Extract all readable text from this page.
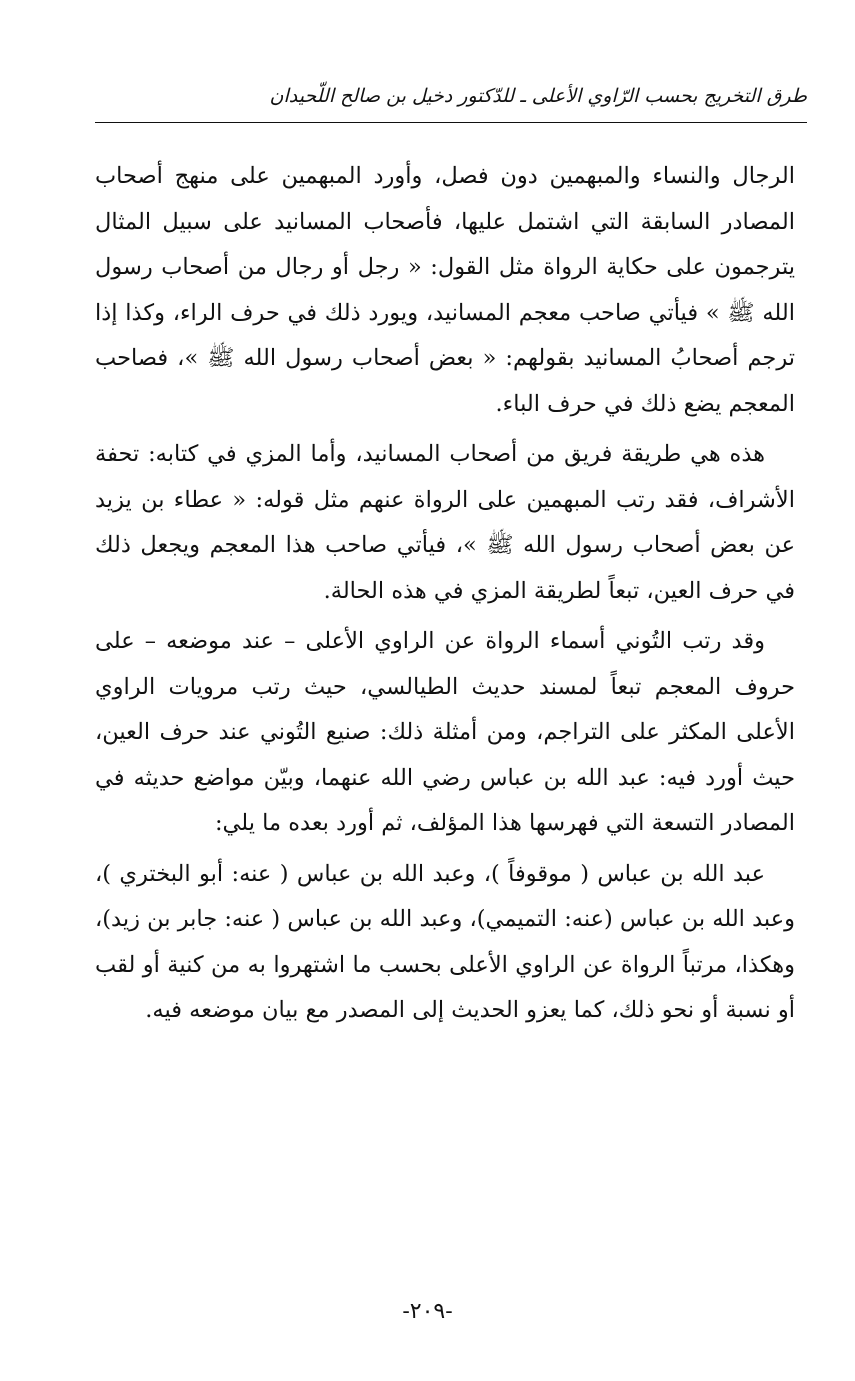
طرق التخريج بحسب الرّاوي الأعلى ـ للدّكتور دخيل بن صالح اللّحيدان

الرجال والنساء والمبهمين دون فصل، وأورد المبهمين على منهج أصحاب المصادر السابقة التي اشتمل عليها، فأصحاب المسانيد على سبيل المثال يترجمون على حكاية الرواة مثل القول: « رجل أو رجال من أصحاب رسول الله ﷺ » فيأتي صاحب معجم المسانيد، ويورد ذلك في حرف الراء، وكذا إذا ترجم أصحابُ المسانيد بقولهم: « بعض أصحاب رسول الله ﷺ »، فصاحب المعجم يضع ذلك في حرف الباء.

هذه هي طريقة فريق من أصحاب المسانيد، وأما المزي في كتابه: تحفة الأشراف، فقد رتب المبهمين على الرواة عنهم مثل قوله: « عطاء بن يزيد عن بعض أصحاب رسول الله ﷺ »، فيأتي صاحب هذا المعجم ويجعل ذلك في حرف العين، تبعاً لطريقة المزي في هذه الحالة.

وقد رتب التُوني أسماء الرواة عن الراوي الأعلى – عند موضعه – على حروف المعجم تبعاً لمسند حديث الطيالسي، حيث رتب مرويات الراوي الأعلى المكثر على التراجم، ومن أمثلة ذلك: صنيع التُوني عند حرف العين، حيث أورد فيه: عبد الله بن عباس رضي الله عنهما، وبيّن مواضع حديثه في المصادر التسعة التي فهرسها هذا المؤلف، ثم أورد بعده ما يلي:

عبد الله بن عباس ( موقوفاً )، وعبد الله بن عباس ( عنه: أبو البختري )، وعبد الله بن عباس (عنه: التميمي)، وعبد الله بن عباس ( عنه: جابر بن زيد)، وهكذا، مرتباً الرواة عن الراوي الأعلى بحسب ما اشتهروا به من كنية أو لقب أو نسبة أو نحو ذلك، كما يعزو الحديث إلى المصدر مع بيان موضعه فيه.

-٢٠٩-
